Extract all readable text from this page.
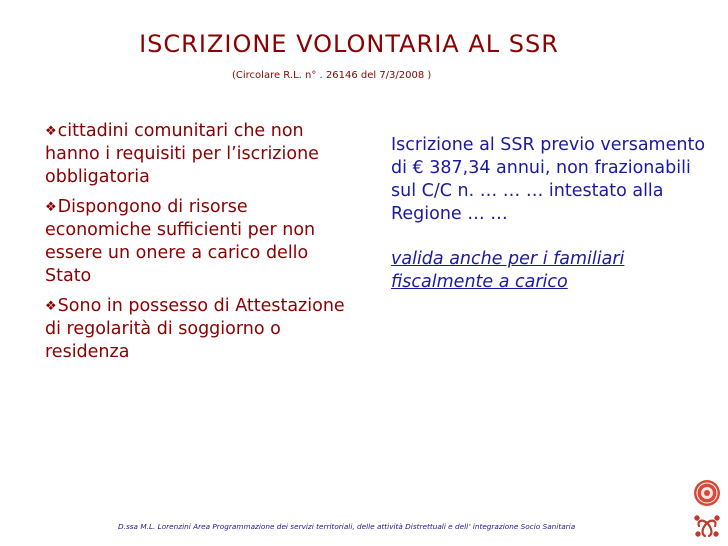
ISCRIZIONE VOLONTARIA AL SSR
(Circolare R.L. n° . 26146 del 7/3/2008 )
❖cittadini comunitari che non hanno i requisiti per l’iscrizione obbligatoria
❖Dispongono di risorse economiche sufficienti per non essere un onere a carico dello Stato
❖Sono in possesso di Attestazione di regolarità di soggiorno o residenza
Iscrizione al SSR previo versamento di € 387,34 annui, non frazionabili sul C/C n. … … … intestato alla Regione … …
valida anche per i familiari fiscalmente a carico
D.ssa M.L. Lorenzini Area Programmazione dei servizi territoriali, delle attività Distrettuali e dell’ integrazione Socio Sanitaria
